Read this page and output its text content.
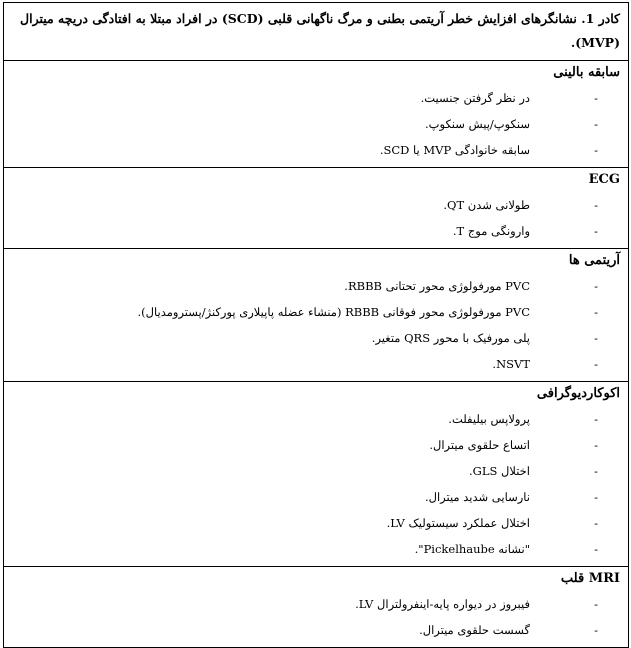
کادر 1. نشانگرهای افزایش خطر آریتمی بطنی و مرگ ناگهانی قلبی (SCD) در افراد مبتلا به افتادگی دریچه میترال (MVP).
سابقه بالینی
-
در نظر گرفتن جنسیت.
-
سنکوپ/پیش سنکوپ.
-
سابقه خانوادگی MVP یا SCD.
ECG
-
طولانی شدن QT.
-
وارونگی موج T.
آریتمی ها
-
PVC مورفولوژی محور تحتانی RBBB.
-
PVC مورفولوژی محور فوقانی RBBB (منشاء عضله پاپیلاری پورکنژ/پسترومدیال).
-
پلی مورفیک با محور QRS متغیر.
-
NSVT.
اکوکاردیوگرافی
-
پرولاپس بیلیفلت.
-
اتساع حلقوی میترال.
-
اختلال GLS.
-
نارسایی شدید میترال.
-
اختلال عملکرد سیستولیک LV.
-
"نشانه Pickelhaube".
MRI قلب
-
فیبروز در دیواره پایه-اینفرولترال LV.
-
گسست حلقوی میترال.
